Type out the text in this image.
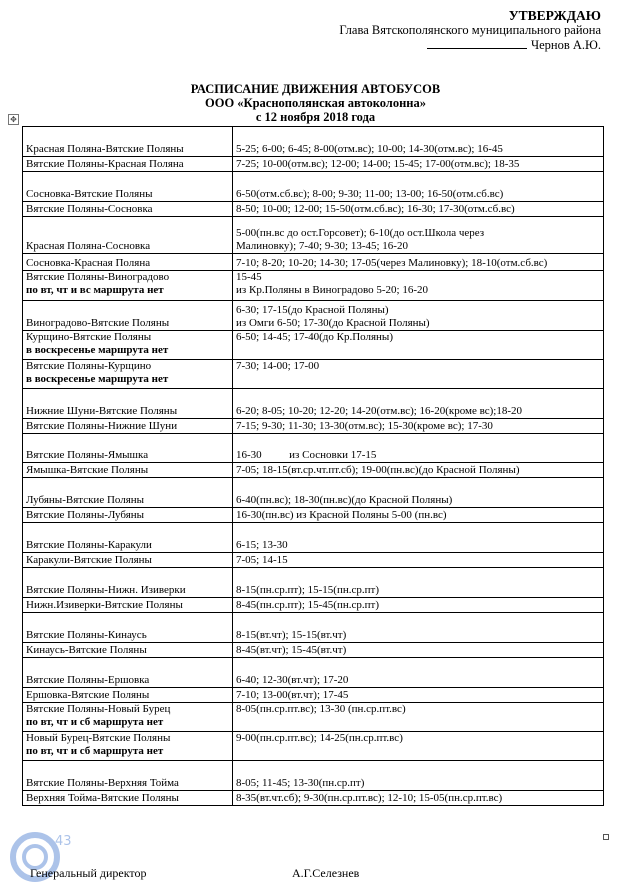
УТВЕРЖДАЮ
Глава Вятскополянского муниципального района
Чернов А.Ю.
РАСПИСАНИЕ ДВИЖЕНИЯ АВТОБУСОВ
ООО «Краснополянская автоколонна»
с 12 ноября 2018 года
✥
Красная Поляна-Вятские Поляны	5-25; 6-00; 6-45; 8-00(отм.вс); 10-00; 14-30(отм.вс); 16-45

Вятские Поляны-Красная Поляна	7-25; 10-00(отм.вс); 12-00; 14-00; 15-45; 17-00(отм.вс); 18-35

Сосновка-Вятские Поляны	6-50(отм.сб.вс); 8-00; 9-30; 11-00; 13-00; 16-50(отм.сб.вс)

Вятские Поляны-Сосновка	8-50; 10-00; 12-00; 15-50(отм.сб.вс); 16-30; 17-30(отм.сб.вс)

Красная Поляна-Сосновка	5-00(пн.вс до ост.Горсовет); 6-10(до ост.Школа через
Малиновку); 7-40; 9-30; 13-45; 16-20

Сосновка-Красная Поляна	7-10; 8-20; 10-20; 14-30; 17-05(через Малиновку); 18-10(отм.сб.вс)

Вятские Поляны-Виноградово
по вт, чт и вс маршрута нет	15-45
из Кр.Поляны в Виноградово 5-20; 16-20

Виноградово-Вятские Поляны	6-30; 17-15(до Красной Поляны)
из Омги 6-50; 17-30(до Красной Поляны)

Курщино-Вятские Поляны
в воскресенье маршрута нет	6-50; 14-45; 17-40(до Кр.Поляны)

Вятские Поляны-Курщино
в воскресенье маршрута нет	7-30; 14-00; 17-00

Нижние Шуни-Вятские Поляны	6-20; 8-05; 10-20; 12-20; 14-20(отм.вс); 16-20(кроме вс);18-20

Вятские Поляны-Нижние Шуни	7-15; 9-30; 11-30; 13-30(отм.вс); 15-30(кроме вс); 17-30

Вятские Поляны-Ямышка	16-30          из Сосновки 17-15

Ямышка-Вятские Поляны	7-05; 18-15(вт.ср.чт.пт.сб); 19-00(пн.вс)(до Красной Поляны)

Лубяны-Вятские Поляны	6-40(пн.вс); 18-30(пн.вс)(до Красной Поляны)

Вятские Поляны-Лубяны	16-30(пн.вс) из Красной Поляны 5-00 (пн.вс)

Вятские Поляны-Каракули	6-15; 13-30

Каракули-Вятские Поляны	7-05; 14-15

Вятские Поляны-Нижн. Изиверки	8-15(пн.ср.пт); 15-15(пн.ср.пт)

Нижн.Изиверки-Вятские Поляны	8-45(пн.ср.пт); 15-45(пн.ср.пт)

Вятские Поляны-Кинаусь	8-15(вт.чт); 15-15(вт.чт)

Кинаусь-Вятские Поляны	8-45(вт.чт); 15-45(вт.чт)

Вятские Поляны-Ершовка	6-40; 12-30(вт.чт); 17-20

Ершовка-Вятские Поляны	7-10; 13-00(вт.чт); 17-45

Вятские Поляны-Новый Бурец
по вт, чт и сб маршрута нет	8-05(пн.ср.пт.вс); 13-30 (пн.ср.пт.вс)

Новый Бурец-Вятские Поляны
по вт, чт и сб маршрута нет	9-00(пн.ср.пт.вс); 14-25(пн.ср.пт.вс)

Вятские Поляны-Верхняя Тойма	8-05; 11-45; 13-30(пн.ср.пт)

Верхняя Тойма-Вятские Поляны	8-35(вт.чт.сб); 9-30(пн.ср.пт.вс); 12-10; 15-05(пн.ср.пт.вс)
43
Генеральный директор	А.Г.Селезнев
